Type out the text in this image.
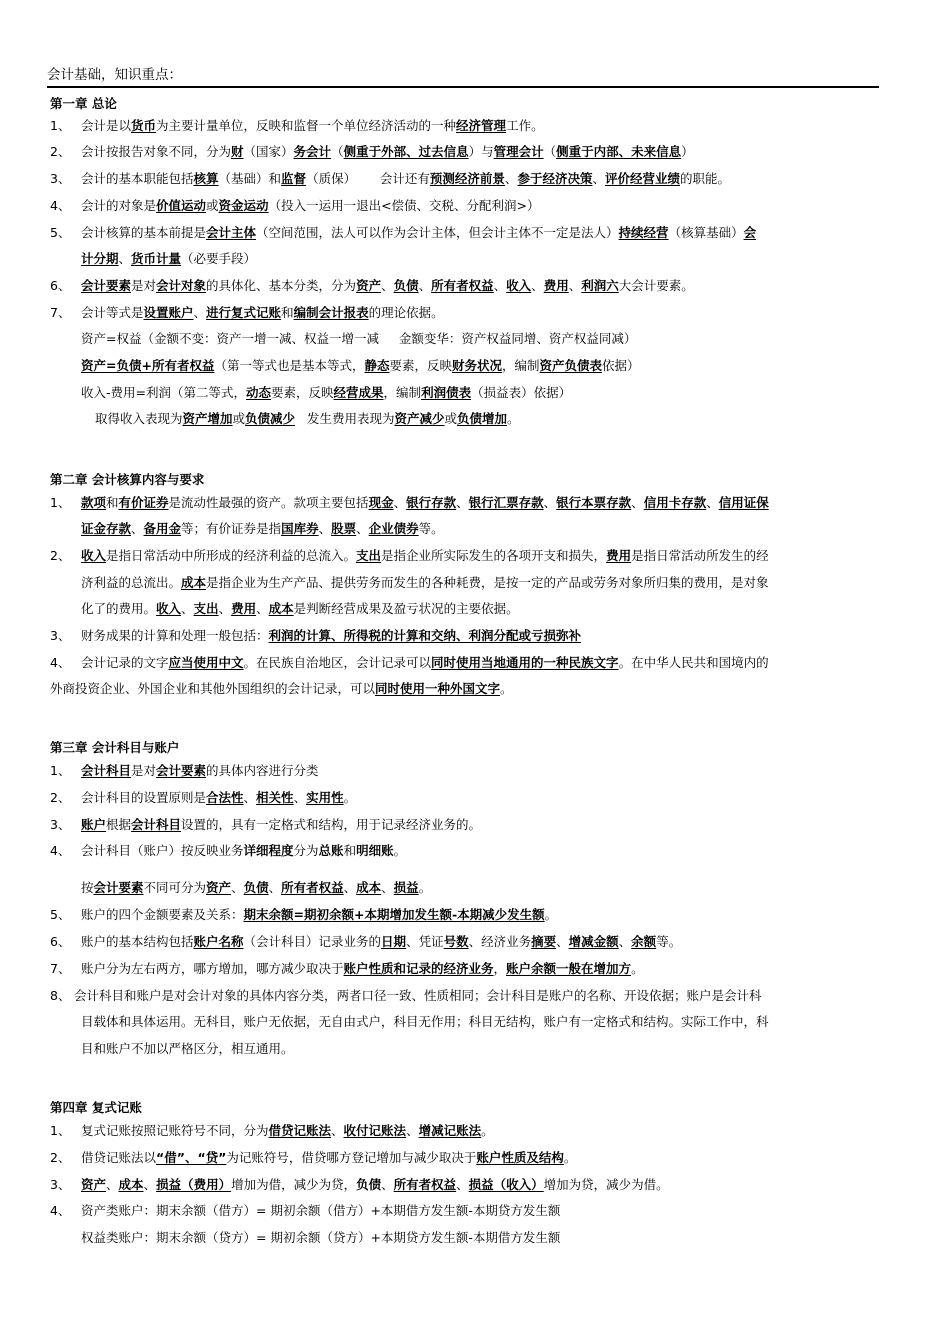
会计基础，知识重点：
第一章 总论
第二章 会计核算内容与要求
第三章 会计科目与账户
第四章 复式记账
1、 会计是以货币为主要计量单位，反映和监督一个单位经济活动的一种经济管理工作。
2、 会计按报告对象不同，分为财（国家）务会计（侧重于外部、过去信息）与管理会计（侧重于内部、未来信息）
3、 会计的基本职能包括核算（基础）和监督（质保）      会计还有预测经济前景、参于经济决策、评价经营业绩的职能。
4、 会计的对象是价值运动或资金运动（投入一运用一退出<偿债、交税、分配利润>）
5、 会计核算的基本前提是会计主体（空间范围，法人可以作为会计主体，但会计主体不一定是法人）持续经营（核算基础）会
计分期、货币计量（必要手段）
6、 会计要素是对会计对象的具体化、基本分类，分为资产、负债、所有者权益、收入、费用、利润六大会计要素。
7、 会计等式是设置账户、进行复式记账和编制会计报表的理论依据。
资产=权益（金额不变：资产一增一减、权益一增一减     金额变华：资产权益同增、资产权益同减）
资产=负债+所有者权益（第一等式也是基本等式，静态要素，反映财务状况，编制资产负债表依据）
收入-费用=利润（第二等式，动态要素，反映经营成果，编制利润债表（损益表）依据）
取得收入表现为资产增加或负债减少   发生费用表现为资产减少或负债增加。
1、 款项和有价证券是流动性最强的资产。款项主要包括现金、银行存款、银行汇票存款、银行本票存款、信用卡存款、信用证保
证金存款、备用金等；有价证券是指国库券、股票、企业债券等。
2、 收入是指日常活动中所形成的经济利益的总流入。支出是指企业所实际发生的各项开支和损失，费用是指日常活动所发生的经
济利益的总流出。成本是指企业为生产产品、提供劳务而发生的各种耗费，是按一定的产品或劳务对象所归集的费用，是对象
化了的费用。收入、支出、费用、成本是判断经营成果及盈亏状况的主要依据。
3、 财务成果的计算和处理一般包括：利润的计算、所得税的计算和交纳、利润分配或亏损弥补
4、 会计记录的文字应当使用中文。在民族自治地区，会计记录可以同时使用当地通用的一种民族文字。在中华人民共和国境内的
外商投资企业、外国企业和其他外国组织的会计记录，可以同时使用一种外国文字。
1、 会计科目是对会计要素的具体内容进行分类
2、 会计科目的设置原则是合法性、相关性、实用性。
3、 账户根据会计科目设置的，具有一定格式和结构，用于记录经济业务的。
4、 会计科目（账户）按反映业务详细程度分为总账和明细账。
按会计要素不同可分为资产、负债、所有者权益、成本、损益。
5、 账户的四个金额要素及关系：期末余额=期初余额+本期增加发生额-本期减少发生额。
6、 账户的基本结构包括账户名称（会计科目）记录业务的日期、凭证号数、经济业务摘要、增减金额、余额等。
7、 账户分为左右两方，哪方增加，哪方减少取决于账户性质和记录的经济业务，账户余额一般在增加方。
8、 会计科目和账户是对会计对象的具体内容分类，两者口径一致、性质相同；会计科目是账户的名称、开设依据；账户是会计科
目载体和具体运用。无科目，账户无依据，无自由式户，科目无作用；科目无结构，账户有一定格式和结构。实际工作中，科
目和账户不加以严格区分，相互通用。
1、 复式记账按照记账符号不同，分为借贷记账法、收付记账法、增减记账法。
2、 借贷记账法以“借”、“贷”为记账符号，借贷哪方登记增加与减少取决于账户性质及结构。
3、 资产、成本、损益（费用）增加为借，减少为贷，负债、所有者权益、损益（收入）增加为贷，减少为借。
4、 资产类账户：期末余额（借方）= 期初余额（借方）+本期借方发生额-本期贷方发生额
权益类账户：期末余额（贷方）= 期初余额（贷方）+本期贷方发生额-本期借方发生额
